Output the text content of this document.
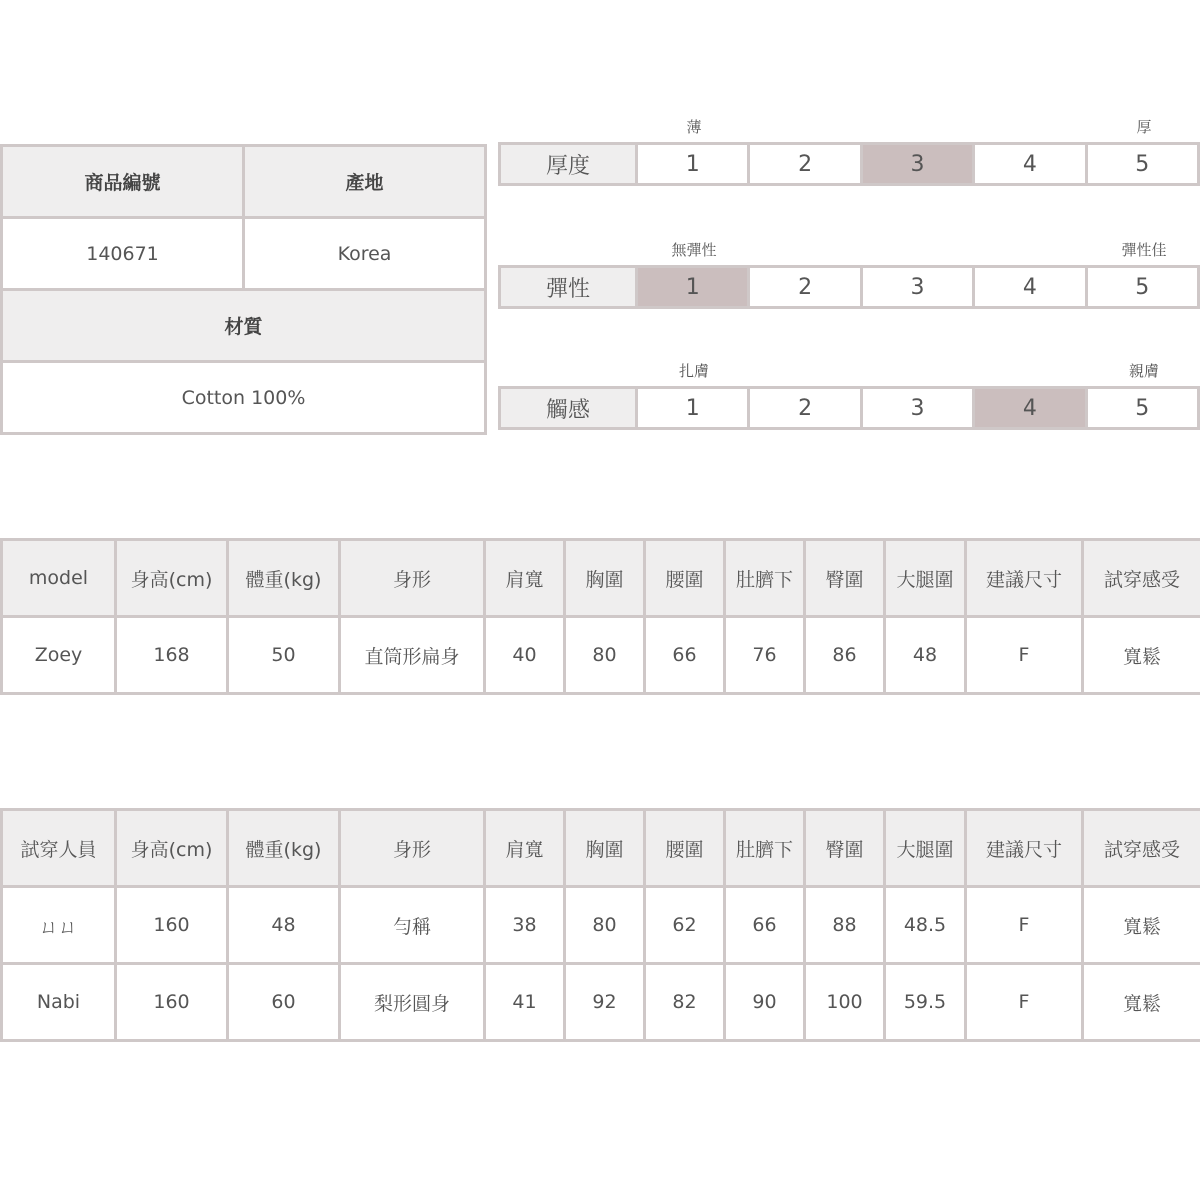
商品編號	產地
140671	Korea
材質	
Cotton 100%	
薄	厚
厚度	1	2	3	4	5
無彈性	彈性佳
彈性	1	2	3	4	5
扎膚	親膚
觸感	1	2	3	4	5
model	身高(cm)	體重(kg)	身形	肩寬	胸圍	腰圍	肚臍下	臀圍	大腿圍	建議尺寸	試穿感受
Zoey	168	50	直筒形扁身	40	80	66	76	86	48	F	寬鬆
試穿人員	身高(cm)	體重(kg)	身形	肩寬	胸圍	腰圍	肚臍下	臀圍	大腿圍	建議尺寸	試穿感受
ㄩㄩ	160	48	勻稱	38	80	62	66	88	48.5	F	寬鬆
Nabi	160	60	梨形圓身	41	92	82	90	100	59.5	F	寬鬆
